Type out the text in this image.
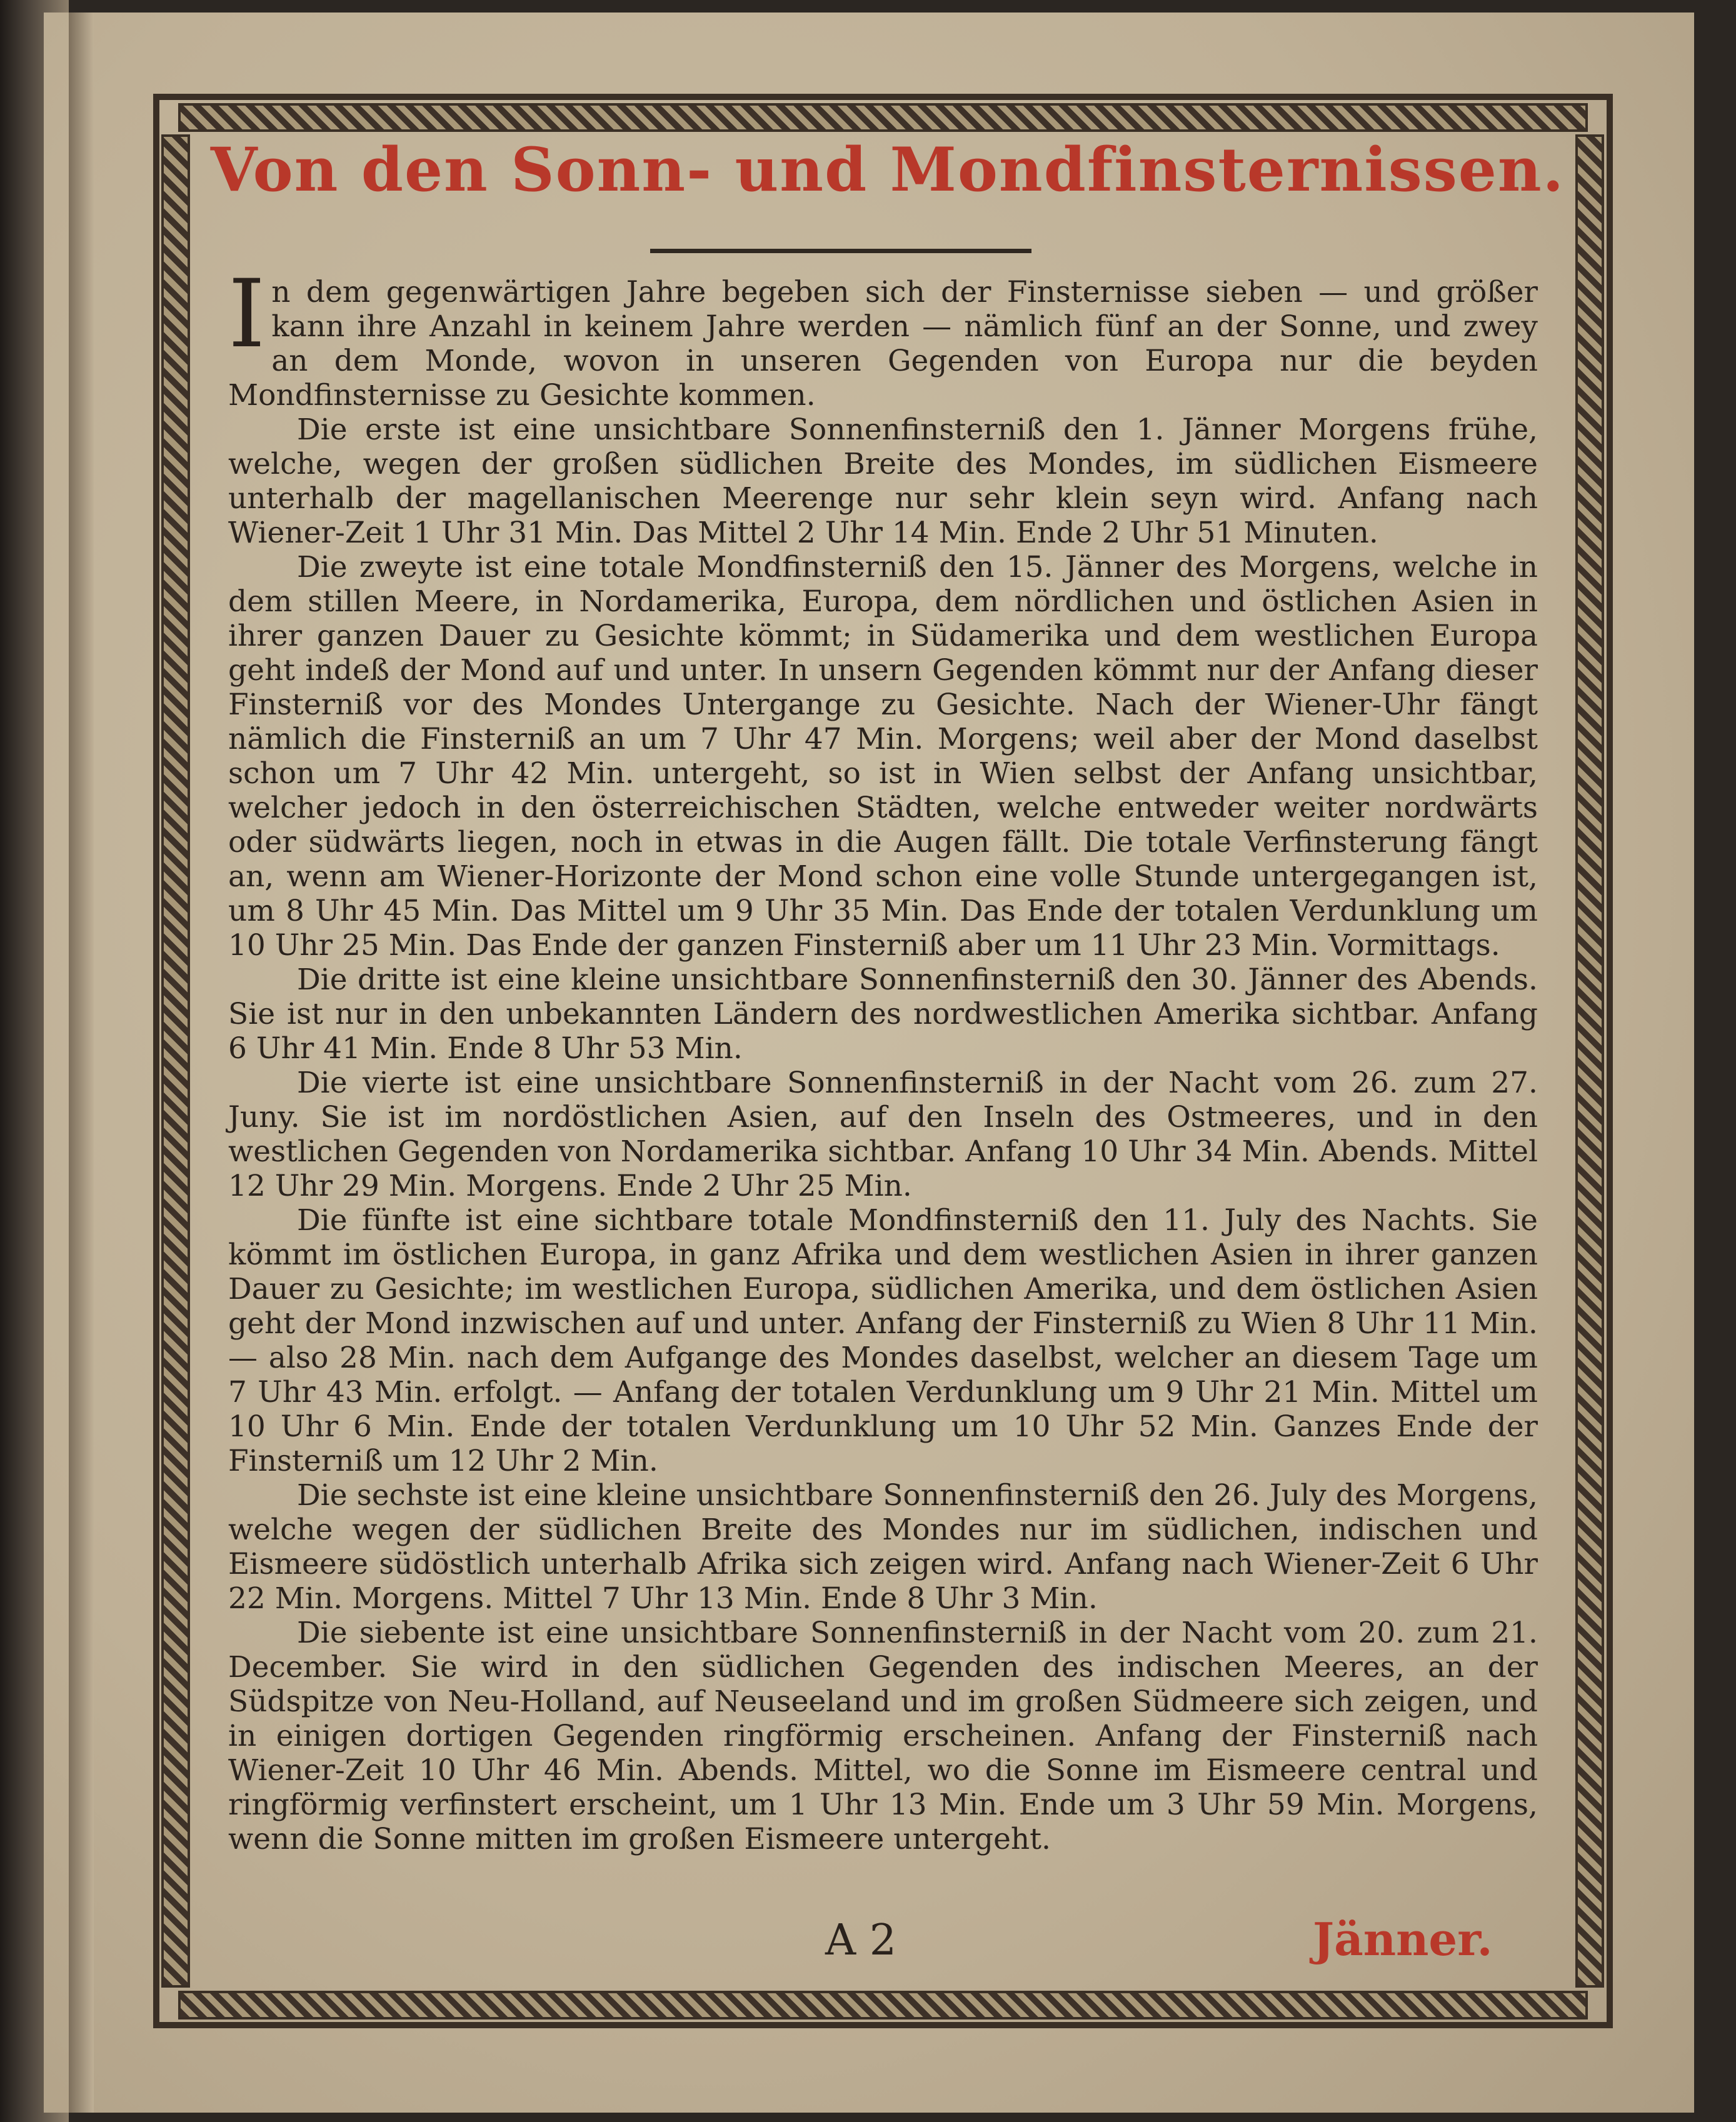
Von den Sonn- und Mondfinsternissen.

In dem gegenwärtigen Jahre begeben sich der Finsternisse sieben — und größer kann ihre Anzahl in keinem Jahre werden — nämlich fünf an der Sonne, und zwey an dem Monde, wovon in unseren Gegenden von Europa nur die beyden Mondfinsternisse zu Gesichte kommen.

Die erste ist eine unsichtbare Sonnenfinsterniß den 1. Jänner Morgens frühe, welche, wegen der großen südlichen Breite des Mondes, im südlichen Eismeere unterhalb der magellanischen Meerenge nur sehr klein seyn wird. Anfang nach Wiener-Zeit 1 Uhr 31 Min. Das Mittel 2 Uhr 14 Min. Ende 2 Uhr 51 Minuten.

Die zweyte ist eine totale Mondfinsterniß den 15. Jänner des Morgens, welche in dem stillen Meere, in Nordamerika, Europa, dem nördlichen und östlichen Asien in ihrer ganzen Dauer zu Gesichte kömmt; in Südamerika und dem westlichen Europa geht indeß der Mond auf und unter. In unsern Gegenden kömmt nur der Anfang dieser Finsterniß vor des Mondes Untergange zu Gesichte. Nach der Wiener-Uhr fängt nämlich die Finsterniß an um 7 Uhr 47 Min. Morgens; weil aber der Mond daselbst schon um 7 Uhr 42 Min. untergeht, so ist in Wien selbst der Anfang unsichtbar, welcher jedoch in den österreichischen Städten, welche entweder weiter nordwärts oder südwärts liegen, noch in etwas in die Augen fällt. Die totale Verfinsterung fängt an, wenn am Wiener-Horizonte der Mond schon eine volle Stunde untergegangen ist, um 8 Uhr 45 Min. Das Mittel um 9 Uhr 35 Min. Das Ende der totalen Verdunklung um 10 Uhr 25 Min. Das Ende der ganzen Finsterniß aber um 11 Uhr 23 Min. Vormittags.

Die dritte ist eine kleine unsichtbare Sonnenfinsterniß den 30. Jänner des Abends. Sie ist nur in den unbekannten Ländern des nordwestlichen Amerika sichtbar. Anfang 6 Uhr 41 Min. Ende 8 Uhr 53 Min.

Die vierte ist eine unsichtbare Sonnenfinsterniß in der Nacht vom 26. zum 27. Juny. Sie ist im nordöstlichen Asien, auf den Inseln des Ostmeeres, und in den westlichen Gegenden von Nordamerika sichtbar. Anfang 10 Uhr 34 Min. Abends. Mittel 12 Uhr 29 Min. Morgens. Ende 2 Uhr 25 Min.

Die fünfte ist eine sichtbare totale Mondfinsterniß den 11. July des Nachts. Sie kömmt im östlichen Europa, in ganz Afrika und dem westlichen Asien in ihrer ganzen Dauer zu Gesichte; im westlichen Europa, südlichen Amerika, und dem östlichen Asien geht der Mond inzwischen auf und unter. Anfang der Finsterniß zu Wien 8 Uhr 11 Min. — also 28 Min. nach dem Aufgange des Mondes daselbst, welcher an diesem Tage um 7 Uhr 43 Min. erfolgt. — Anfang der totalen Verdunklung um 9 Uhr 21 Min. Mittel um 10 Uhr 6 Min. Ende der totalen Verdunklung um 10 Uhr 52 Min. Ganzes Ende der Finsterniß um 12 Uhr 2 Min.

Die sechste ist eine kleine unsichtbare Sonnenfinsterniß den 26. July des Morgens, welche wegen der südlichen Breite des Mondes nur im südlichen, indischen und Eismeere südöstlich unterhalb Afrika sich zeigen wird. Anfang nach Wiener-Zeit 6 Uhr 22 Min. Morgens. Mittel 7 Uhr 13 Min. Ende 8 Uhr 3 Min.

Die siebente ist eine unsichtbare Sonnenfinsterniß in der Nacht vom 20. zum 21. December. Sie wird in den südlichen Gegenden des indischen Meeres, an der Südspitze von Neu-Holland, auf Neuseeland und im großen Südmeere sich zeigen, und in einigen dortigen Gegenden ringförmig erscheinen. Anfang der Finsterniß nach Wiener-Zeit 10 Uhr 46 Min. Abends. Mittel, wo die Sonne im Eismeere central und ringförmig verfinstert erscheint, um 1 Uhr 13 Min. Ende um 3 Uhr 59 Min. Morgens, wenn die Sonne mitten im großen Eismeere untergeht.

A 2	Jänner.
